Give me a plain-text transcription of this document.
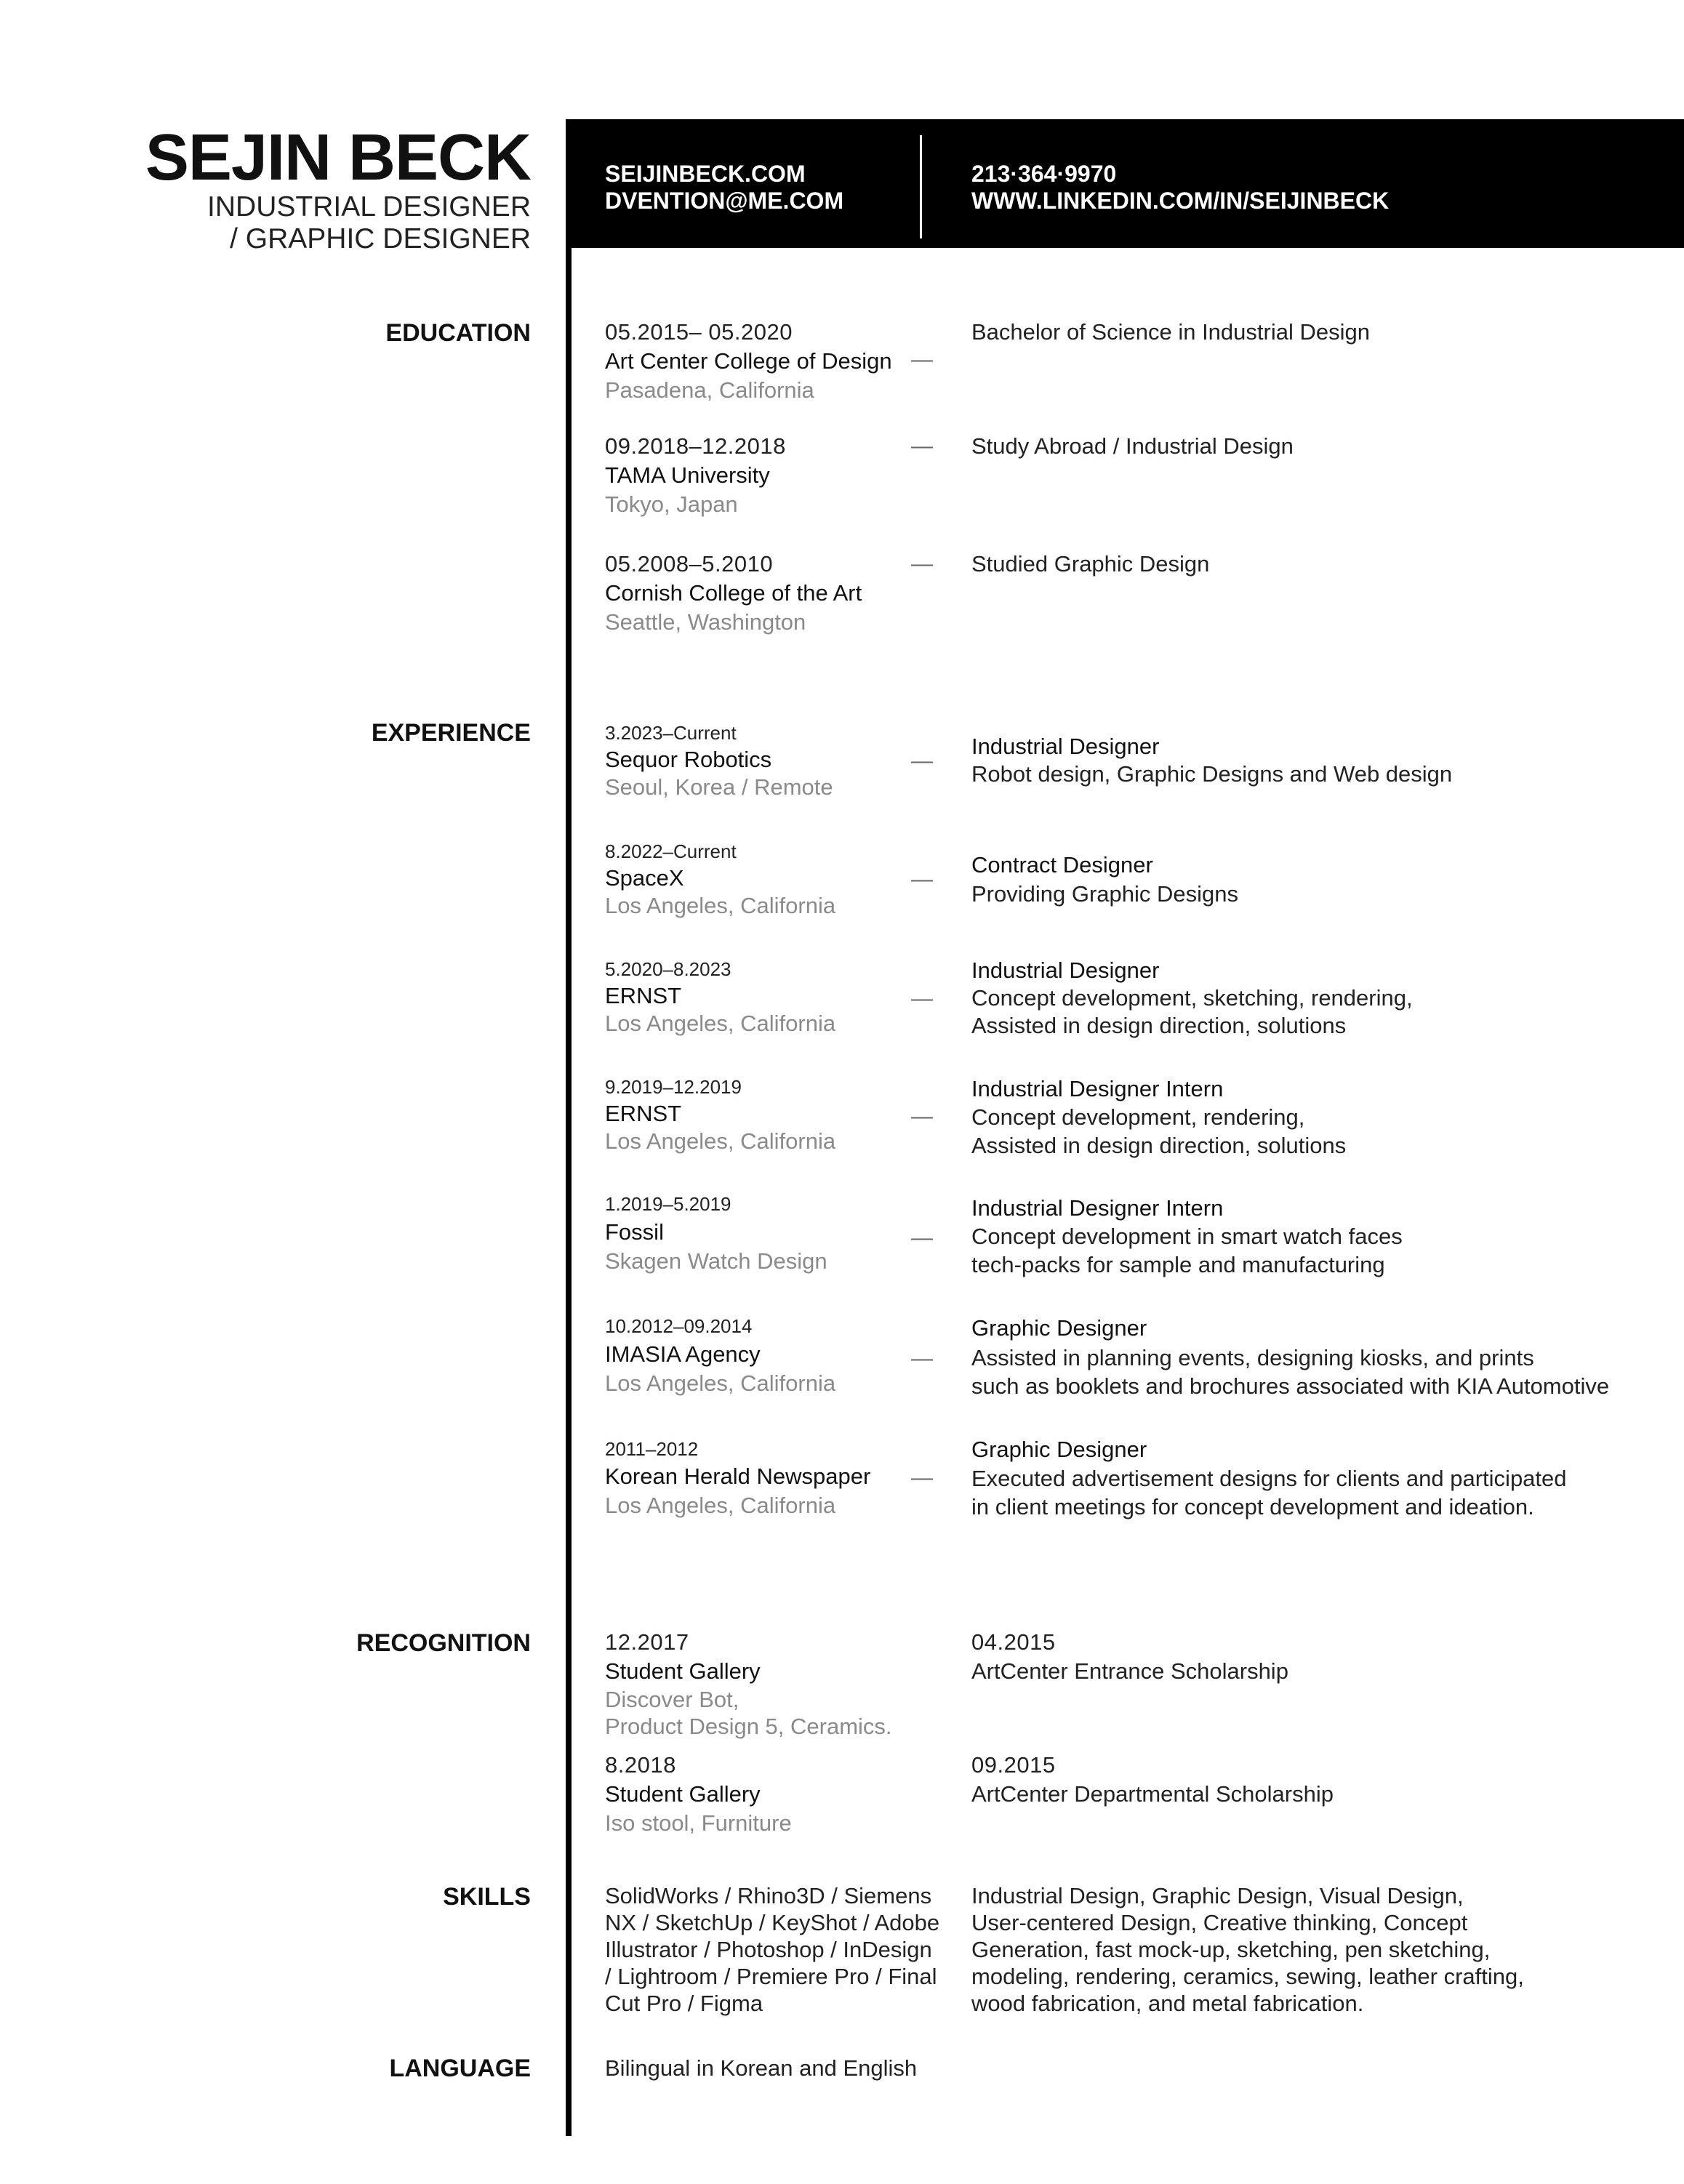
SEJIN BECK
INDUSTRIAL DESIGNER
/ GRAPHIC DESIGNER
SEIJINBECK.COM
DVENTION@ME.COM
213·364·9970
WWW.LINKEDIN.COM/IN/SEIJINBECK
EDUCATION
EXPERIENCE
RECOGNITION
SKILLS
LANGUAGE
05.2015– 05.2020
Art Center College of Design
Pasadena, California
—
Bachelor of Science in Industrial Design
09.2018–12.2018
TAMA University
Tokyo, Japan
— Study Abroad / Industrial Design
05.2008–5.2010
Cornish College of the Art
Seattle, Washington
— Studied Graphic Design
3.2023–Current
Sequor Robotics
Seoul, Korea / Remote
—
Industrial Designer
Robot design, Graphic Designs and Web design
8.2022–Current
SpaceX
Los Angeles, California
—
Contract Designer
Providing Graphic Designs
5.2020–8.2023
ERNST
Los Angeles, California
—
Industrial Designer
Concept development, sketching, rendering,
Assisted in design direction, solutions
9.2019–12.2019
ERNST
Los Angeles, California
—
Industrial Designer Intern
Concept development, rendering,
Assisted in design direction, solutions
1.2019–5.2019
Fossil
Skagen Watch Design
—
Industrial Designer Intern
Concept development in smart watch faces
tech-packs for sample and manufacturing
10.2012–09.2014
IMASIA Agency
Los Angeles, California
—
Graphic Designer
Assisted in planning events, designing kiosks, and prints
such as booklets and brochures associated with KIA Automotive
2011–2012
Korean Herald Newspaper
Los Angeles, California
—
Graphic Designer
Executed advertisement designs for clients and participated
in client meetings for concept development and ideation.
12.2017
Student Gallery
Discover Bot,
Product Design 5, Ceramics.
8.2018
Student Gallery
Iso stool, Furniture
04.2015
ArtCenter Entrance Scholarship
09.2015
ArtCenter Departmental Scholarship
SolidWorks / Rhino3D / Siemens
NX / SketchUp / KeyShot / Adobe
Illustrator / Photoshop / InDesign
/ Lightroom / Premiere Pro / Final
Cut Pro / Figma
Industrial Design, Graphic Design, Visual Design,
User-centered Design, Creative thinking, Concept
Generation, fast mock-up, sketching, pen sketching,
modeling, rendering, ceramics, sewing, leather crafting,
wood fabrication, and metal fabrication.
Bilingual in Korean and English
